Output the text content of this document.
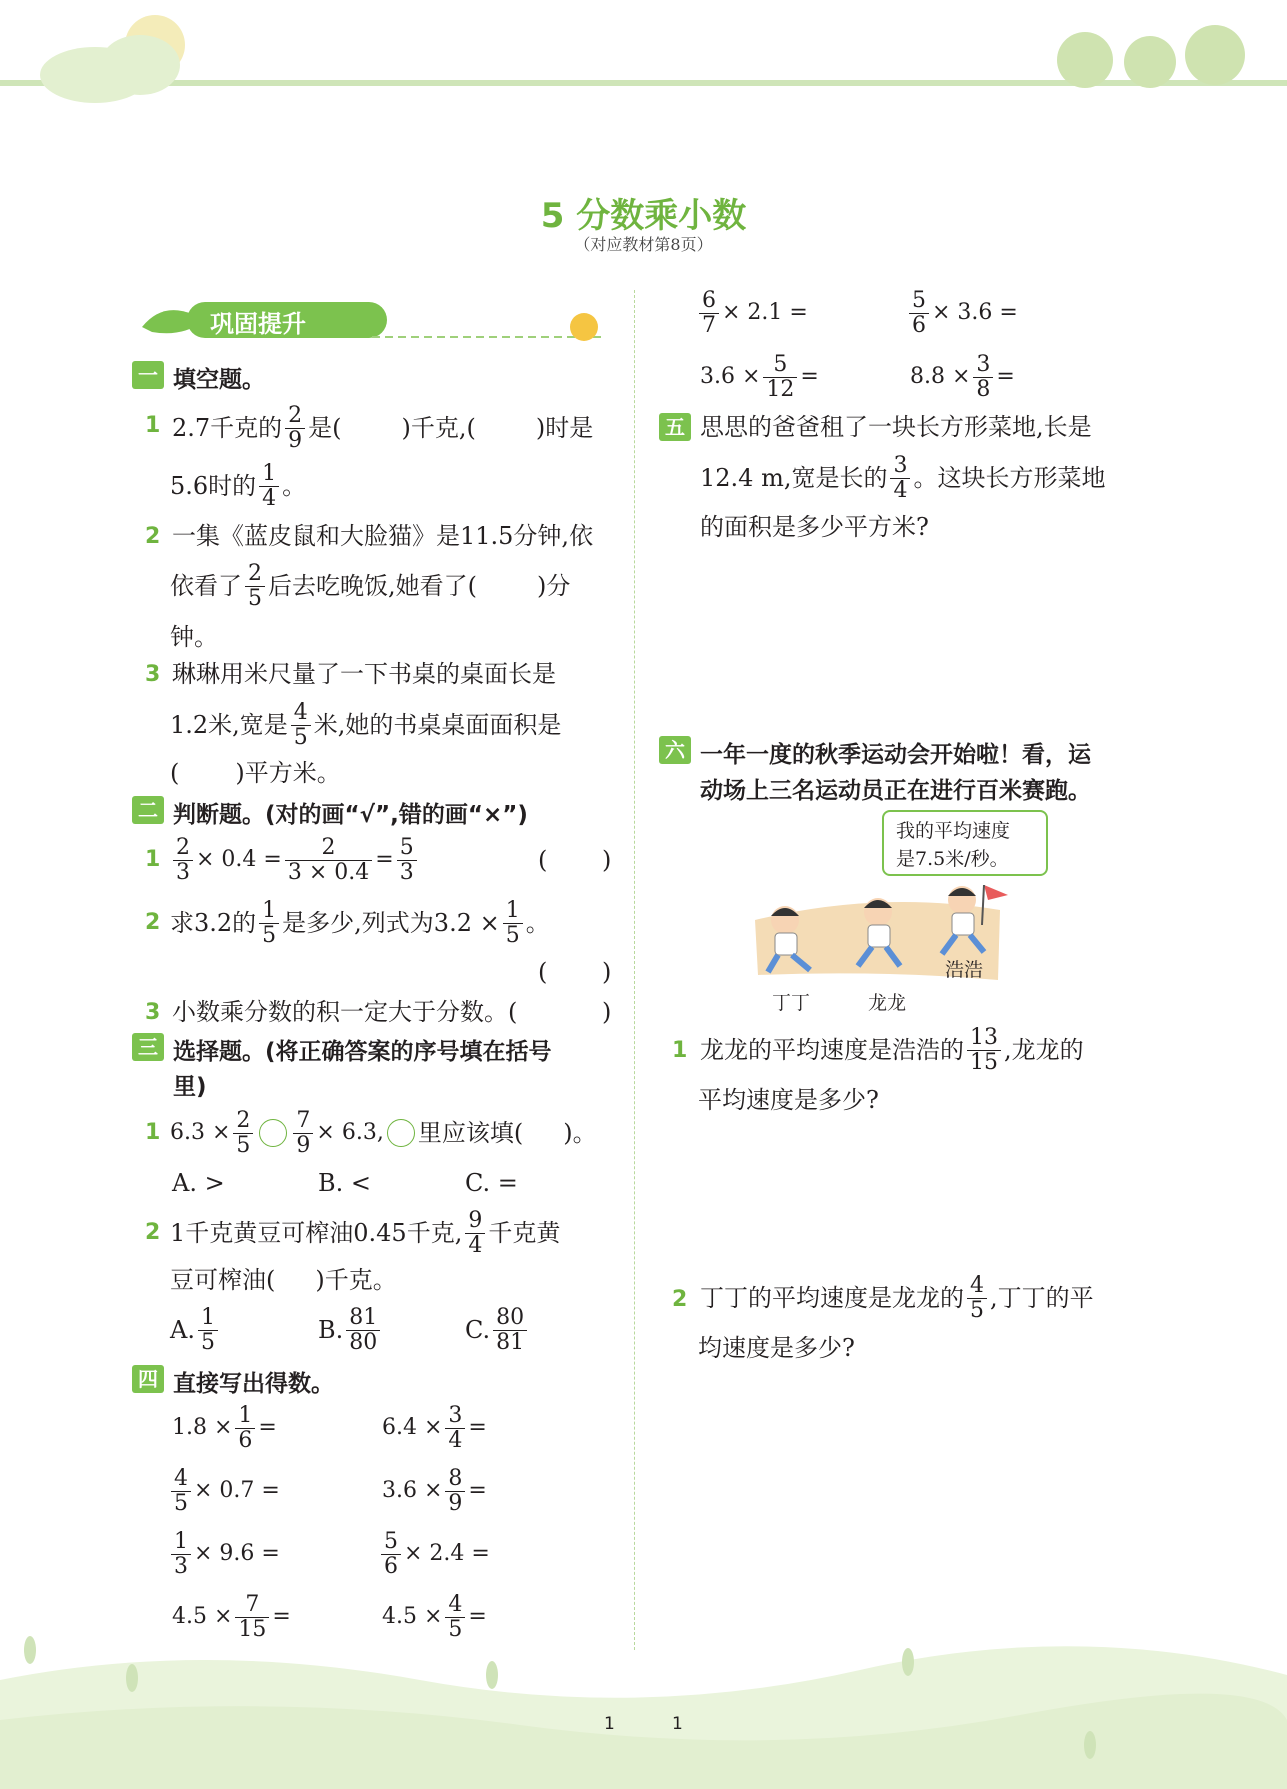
5 分数乘小数
（对应教材第8页）
巩固提升
一 填空题。
1 2.7千克的 $\frac{2}{9}$ 是(	)千克,(	)时是
5.6时的 $\frac{1}{4}$ 。
2 一集《蓝皮鼠和大脸猫》是11.5分钟,依
依看了 $\frac{2}{5}$ 后去吃晚饭,她看了(	)分
钟。
3 琳琳用米尺量了一下书桌的桌面长是
1.2米,宽是 $\frac{4}{5}$ 米,她的书桌桌面面积是
( )平方米。
二 判断题。(对的画“√”,错的画“×”)
$1 \frac{2}{3} \times 0.4 = \frac{2}{3 \times 0.4} = \frac{5}{3}$	( )
2 求3.2的 $\frac{1}{5}$ 是多少,列式为$3.2 \times \frac{1}{5}$ 。
( )
3 小数乘分数的积一定大于分数。(	)
三 选择题。(将正确答案的序号填在括号
里)
1 $6.3 \times \frac{2}{5} \frac{7}{9} \times 6.3$, 里应该填( )。
A. >	B. <	C. =
2 1千克黄豆可榨油0.45千克, $\frac{9}{4}$ 千克黄
豆可榨油( )千克。
A. $\frac{1}{5}$	B. $\frac{81}{80}$	C. $\frac{80}{81}$
四 直接写出得数。
$1.8 \times \frac{1}{6}$ =	$6.4 \times \frac{3}{4}$ =
$\frac{4}{5} \times 0.7$ =	$3.6 \times \frac{8}{9}$ =
$\frac{1}{3} \times 9.6$ =	$\frac{5}{6} \times 2.4$ =
$4.5 \times \frac{7}{15}$ =	$4.5 \times \frac{4}{5}$ =
$\frac{6}{7} \times 2.1$ =	$\frac{5}{6} \times 3.6$ =
$3.6 \times \frac{5}{12}$ =	$8.8 \times \frac{3}{8}$ =
五 思思的爸爸租了一块长方形菜地,长是
12.4 m,宽是长的 $\frac{3}{4}$ 。这块长方形菜地
的面积是多少平方米?
六 一年一度的秋季运动会开始啦！看，运
动场上三名运动员正在进行百米赛跑。
我的平均速度
是7.5米/秒。
浩浩
丁丁	龙龙
1 龙龙的平均速度是浩浩的 $\frac{13}{15}$ ,龙龙的
平均速度是多少?
2 丁丁的平均速度是龙龙的 $\frac{4}{5}$ ,丁丁的平
均速度是多少?
1	1
